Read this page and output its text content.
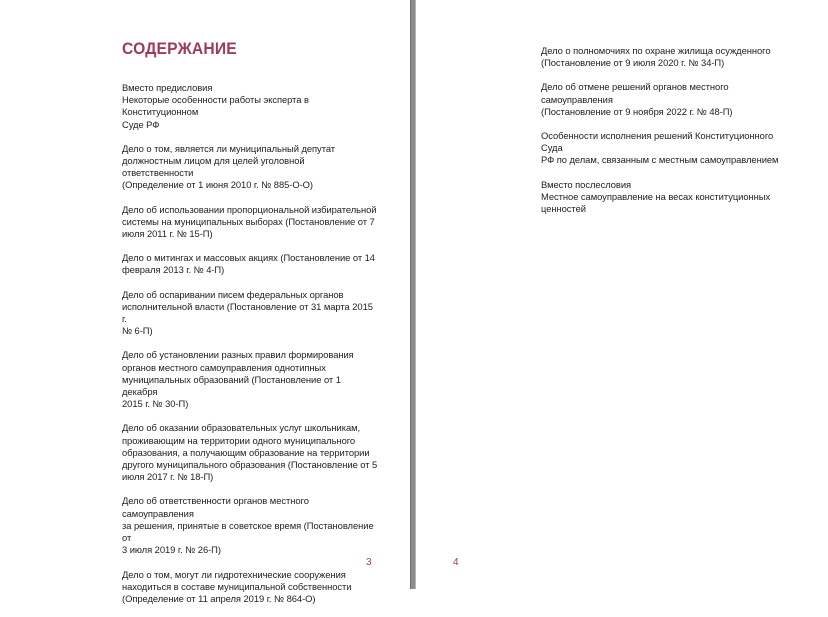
СОДЕРЖАНИЕ
Вместо предисловия
Некоторые особенности работы эксперта в Конституционном
Суде РФ
Дело о том, является ли муниципальный депутат
должностным лицом для целей уголовной ответственности
(Определение от 1 июня 2010 г. № 885-О-О)
Дело об использовании пропорциональной избирательной
системы на муниципальных выборах (Постановление от 7
июля 2011 г. № 15-П)
Дело о митингах и массовых акциях (Постановление от 14
февраля 2013 г. № 4-П)
Дело об оспаривании писем федеральных органов
исполнительной власти (Постановление от 31 марта 2015 г.
№ 6-П)
Дело об установлении разных правил формирования
органов местного самоуправления однотипных
муниципальных образований (Постановление от 1 декабря
2015 г. № 30-П)
Дело об оказании образовательных услуг школьникам,
проживающим на территории одного муниципального
образования, а получающим образование на территории
другого муниципального образования (Постановление от 5
июля 2017 г. № 18-П)
Дело об ответственности органов местного самоуправления
за решения, принятые в советское время (Постановление от
3 июля 2019 г. № 26-П)
Дело о том, могут ли гидротехнические сооружения
находиться в составе муниципальной собственности
(Определение от 11 апреля 2019 г. № 864-О)
3
Дело о полномочиях по охране жилища осужденного
(Постановление от 9 июля 2020 г. № 34-П)
Дело об отмене решений органов местного самоуправления
(Постановление от 9 ноября 2022 г. № 48-П)
Особенности исполнения решений Конституционного Суда
РФ по делам, связанным с местным самоуправлением
Вместо послесловия
Местное самоуправление на весах конституционных
ценностей
4
